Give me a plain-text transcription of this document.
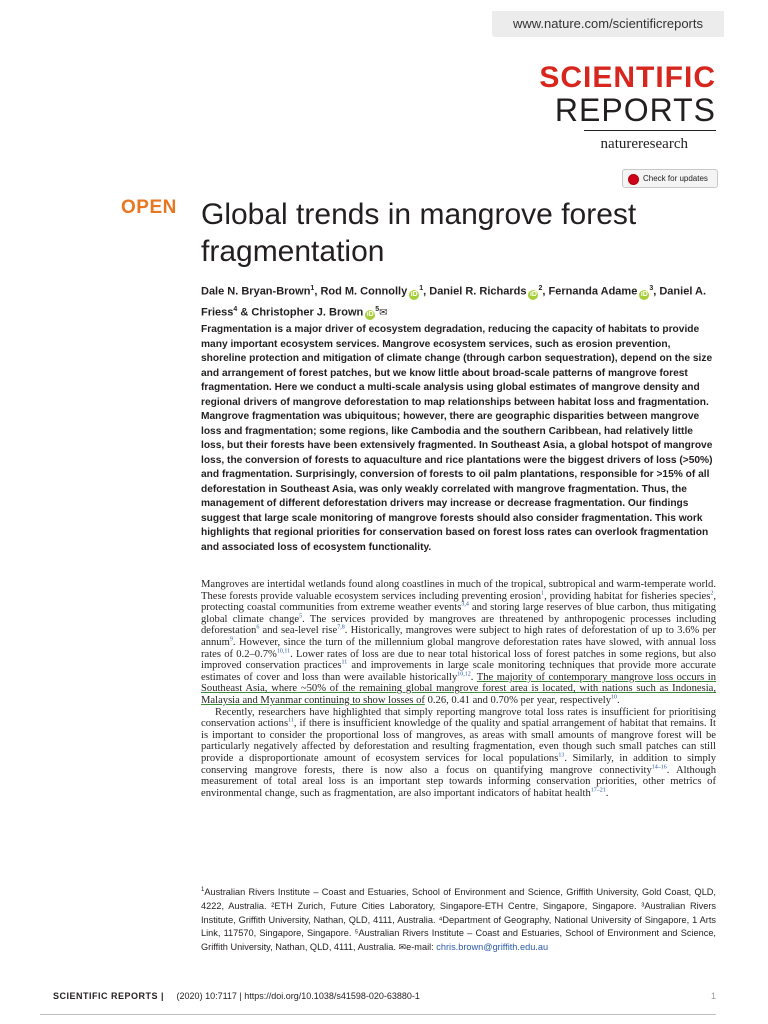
www.nature.com/scientificreports
SCIENTIFIC
REPORTS
natureresearch
Check for updates
OPEN Global trends in mangrove forest fragmentation
Dale N. Bryan-Brown$^1$, Rod M. Connolly $iD^1$, Daniel R. Richards $iD^2$, Fernanda Adame $iD^3$, Daniel A. Friess$^4$ & Christopher J. Brown $iD^5✉$

Fragmentation is a major driver of ecosystem degradation, reducing the capacity of habitats to provide many important ecosystem services. Mangrove ecosystem services, such as erosion prevention, shoreline protection and mitigation of climate change (through carbon sequestration), depend on the size and arrangement of forest patches, but we know little about broad-scale patterns of mangrove forest fragmentation. Here we conduct a multi-scale analysis using global estimates of mangrove density and regional drivers of mangrove deforestation to map relationships between habitat loss and fragmentation. Mangrove fragmentation was ubiquitous; however, there are geographic disparities between mangrove loss and fragmentation; some regions, like Cambodia and the southern Caribbean, had relatively little loss, but their forests have been extensively fragmented. In Southeast Asia, a global hotspot of mangrove loss, the conversion of forests to aquaculture and rice plantations were the biggest drivers of loss (>50%) and fragmentation. Surprisingly, conversion of forests to oil palm plantations, responsible for >15% of all deforestation in Southeast Asia, was only weakly correlated with mangrove fragmentation. Thus, the management of different deforestation drivers may increase or decrease fragmentation. Our findings suggest that large scale monitoring of mangrove forests should also consider fragmentation. This work highlights that regional priorities for conservation based on forest loss rates can overlook fragmentation and associated loss of ecosystem functionality.

Mangroves are intertidal wetlands found along coastlines in much of the tropical, subtropical and warm-temperate world. These forests provide valuable ecosystem services including preventing erosion$^1$, providing habitat for fisheries species$^2$, protecting coastal communities from extreme weather events$^{3,4}$ and storing large reserves of blue carbon, thus mitigating global climate change$^5$. The services provided by mangroves are threatened by anthropogenic processes including deforestation$^6$ and sea-level rise$^{7,8}$. Historically, mangroves were subject to high rates of deforestation of up to 3.6% per annum$^9$. However, since the turn of the millennium global mangrove deforestation rates have slowed, with annual loss rates of 0.2–0.7%$^{10,11}$. Lower rates of loss are due to near total historical loss of forest patches in some regions, but also improved conservation practices$^{11}$ and improvements in large scale monitoring techniques that provide more accurate estimates of cover and loss than were available historically$^{10,12}$. The majority of contemporary mangrove loss occurs in Southeast Asia, where ~50% of the remaining global mangrove forest area is located, with nations such as Indonesia, Malaysia and Myanmar continuing to show losses of 0.26, 0.41 and 0.70% per year, respectively$^{10}$.

Recently, researchers have highlighted that simply reporting mangrove total loss rates is insufficient for prioritising conservation actions$^{11}$, if there is insufficient knowledge of the quality and spatial arrangement of habitat that remains. It is important to consider the proportional loss of mangroves, as areas with small amounts of mangrove forest will be particularly negatively affected by deforestation and resulting fragmentation, even though such small patches can still provide a disproportionate amount of ecosystem services for local populations$^{13}$. Similarly, in addition to simply conserving mangrove forests, there is now also a focus on quantifying mangrove connectivity$^{14-16}$. Although measurement of total areal loss is an important step towards informing conservation priorities, other metrics of environmental change, such as fragmentation, are also important indicators of habitat health$^{17-21}$.

$^1$Australian Rivers Institute – Coast and Estuaries, School of Environment and Science, Griffith University, Gold Coast, QLD, 4222, Australia. ²ETH Zurich, Future Cities Laboratory, Singapore-ETH Centre, Singapore, Singapore. ³Australian Rivers Institute, Griffith University, Nathan, QLD, 4111, Australia. ⁴Department of Geography, National University of Singapore, 1 Arts Link, 117570, Singapore, Singapore. ⁵Australian Rivers Institute – Coast and Estuaries, School of Environment and Science, Griffith University, Nathan, QLD, 4111, Australia. ✉e-mail: chris.brown@griffith.edu.au

SCIENTIFIC REPORTS | (2020) 10:7117 | https://doi.org/10.1038/s41598-020-63880-1	1
